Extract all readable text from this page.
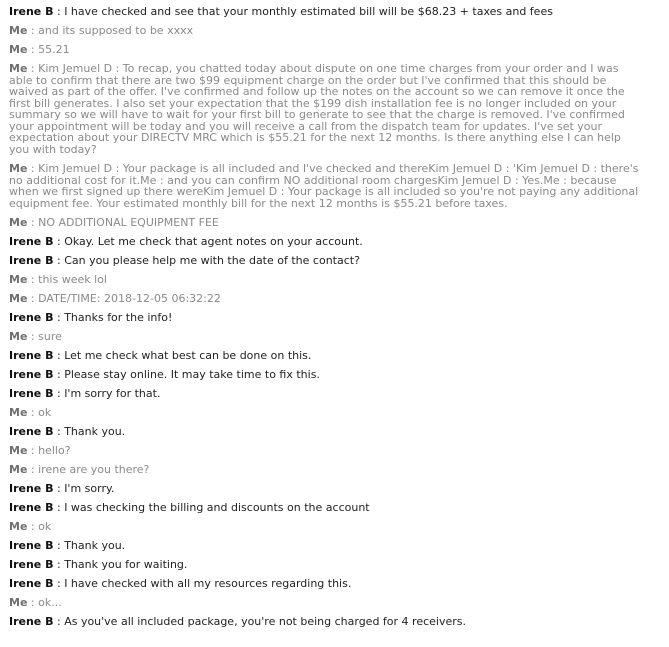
Irene B : I have checked and see that your monthly estimated bill will be $68.23 + taxes and fees

Me : and its supposed to be xxxx

Me : 55.21

Me : Kim Jemuel D : To recap, you chatted today about dispute on one time charges from your order and I was able to confirm that there are two $99 equipment charge on the order but I've confirmed that this should be waived as part of the offer. I've confirmed and follow up the notes on the account so we can remove it once the first bill generates. I also set your expectation that the $199 dish installation fee is no longer included on your summary so we will have to wait for your first bill to generate to see that the charge is removed. I've confirmed your appointment will be today and you will receive a call from the dispatch team for updates. I've set your expectation about your DIRECTV MRC which is $55.21 for the next 12 months. Is there anything else I can help you with today?

Me : Kim Jemuel D : Your package is all included and I've checked and thereKim Jemuel D : 'Kim Jemuel D : there's no additional cost for it.Me : and you can confirm NO additional room chargesKim Jemuel D : Yes.Me : because when we first signed up there wereKim Jemuel D : Your package is all included so you're not paying any additional equipment fee. Your estimated monthly bill for the next 12 months is $55.21 before taxes.

Me : NO ADDITIONAL EQUIPMENT FEE

Irene B : Okay. Let me check that agent notes on your account.

Irene B : Can you please help me with the date of the contact?

Me : this week lol

Me : DATE/TIME: 2018-12-05 06:32:22

Irene B : Thanks for the info!

Me : sure

Irene B : Let me check what best can be done on this.

Irene B : Please stay online. It may take time to fix this.

Irene B : I'm sorry for that.

Me : ok

Irene B : Thank you.

Me : hello?

Me : irene are you there?

Irene B : I'm sorry.

Irene B : I was checking the billing and discounts on the account

Me : ok

Irene B : Thank you.

Irene B : Thank you for waiting.

Irene B : I have checked with all my resources regarding this.

Me : ok...

Irene B : As you've all included package, you're not being charged for 4 receivers.
